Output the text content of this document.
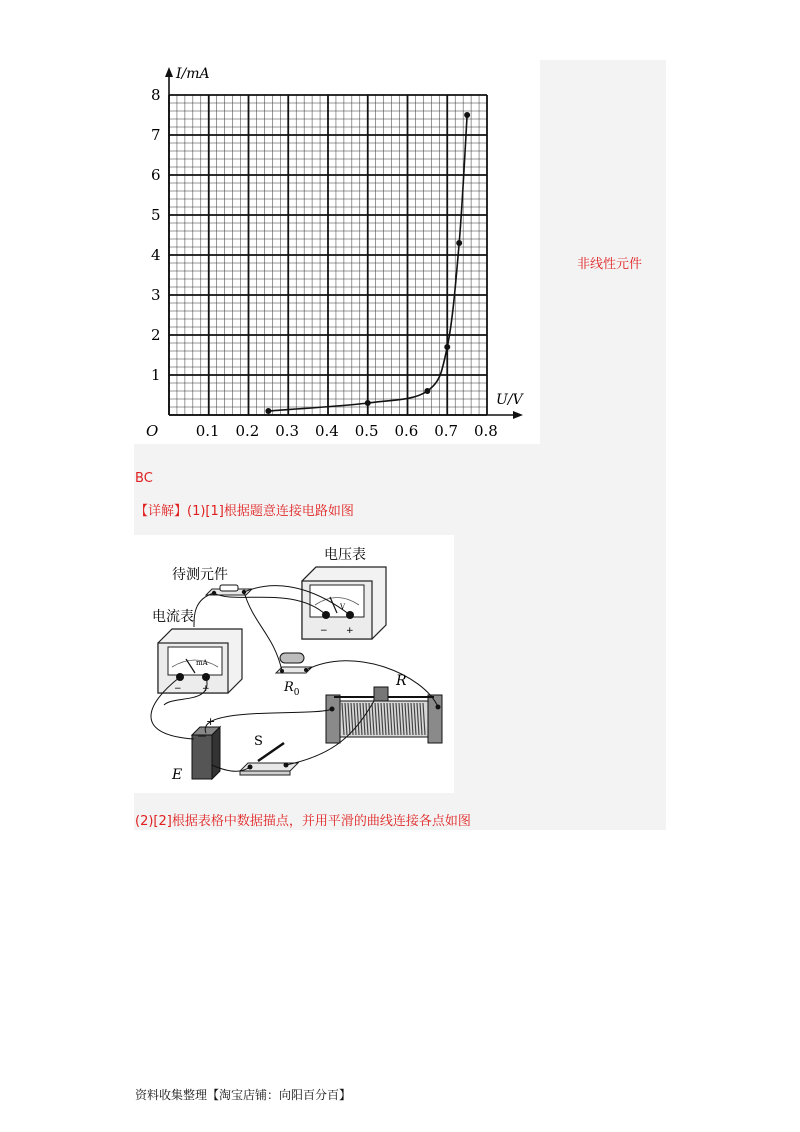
1
2
3
4
5
6
7
8
0.1 0.2 0.3 0.4 0.5 0.6 0.7 0.8
I/mA
U/V
O
非线性元件
BC
【详解】(1)[1]根据题意连接电路如图
V
− +
电压表
待测元件
mA
− +
电流表
$R_0$
R
S
E
+
(2)[2]根据表格中数据描点，并用平滑的曲线连接各点如图
资料收集整理【淘宝店铺：向阳百分百】
